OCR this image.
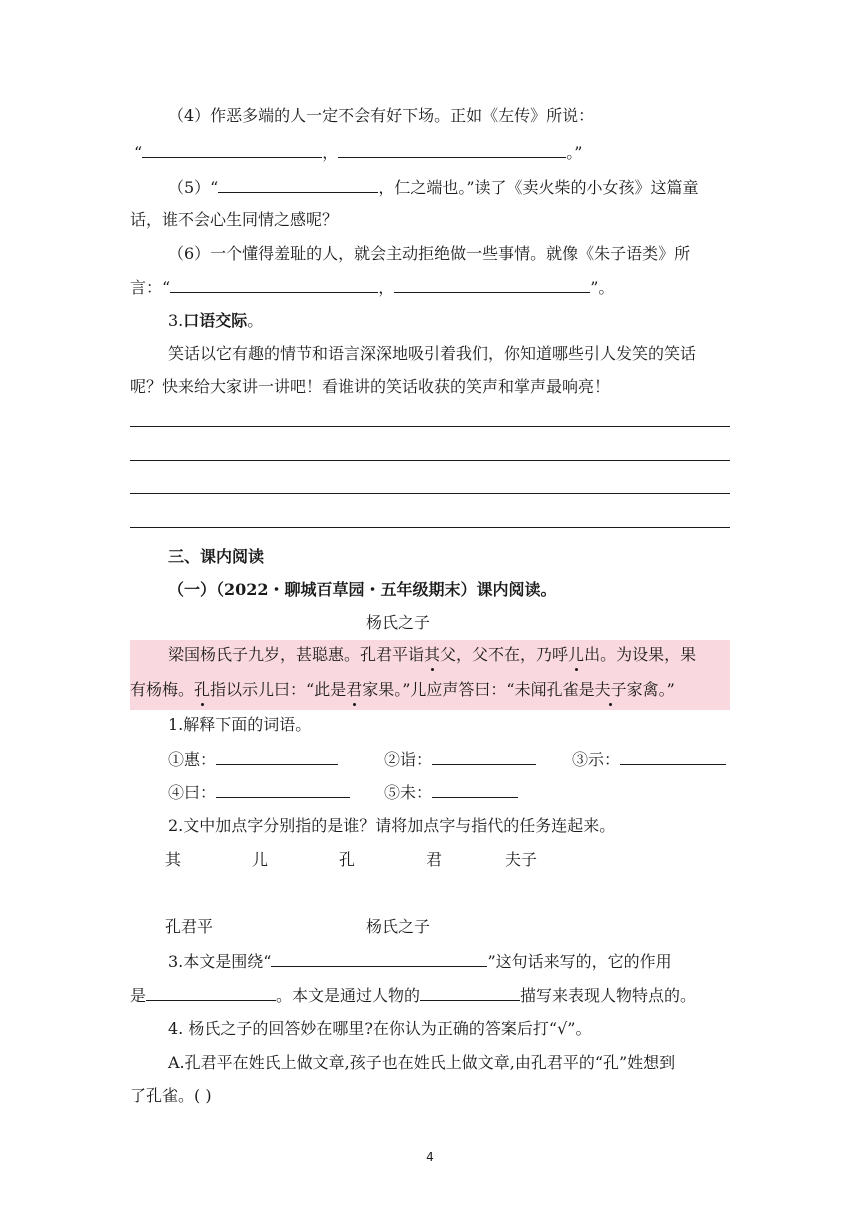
（4）作恶多端的人一定不会有好下场。正如《左传》所说：
“	，	。”
（5）“	，仁之端也。”读了《卖火柴的小女孩》这篇童
话，谁不会心生同情之感呢？
（6）一个懂得羞耻的人，就会主动拒绝做一些事情。就像《朱子语类》所
言：“	，	”。
3.口语交际。
笑话以它有趣的情节和语言深深地吸引着我们，你知道哪些引人发笑的笑话
呢？快来给大家讲一讲吧！看谁讲的笑话收获的笑声和掌声最响亮！
三、课内阅读
（一）（2022・聊城百草园・五年级期末）课内阅读。
杨氏之子
梁国杨氏子九岁，甚聪惠。孔君平诣其父，父不在，乃呼儿出。为设果，果
有杨梅。孔指以示儿曰：“此是君家果。”儿应声答曰：“未闻孔雀是夫子家禽。”
1.解释下面的词语。
①惠：	②诣：	③示：
④曰：	⑤未：
2.文中加点字分别指的是谁？请将加点字与指代的任务连起来。
其	儿	孔	君	夫子
孔君平	杨氏之子
3.本文是围绕“	”这句话来写的，它的作用
是	。本文是通过人物的	描写来表现人物特点的。
4. 杨氏之子的回答妙在哪里?在你认为正确的答案后打“√”。
A.孔君平在姓氏上做文章,孩子也在姓氏上做文章,由孔君平的“孔”姓想到
了孔雀。( )
4
